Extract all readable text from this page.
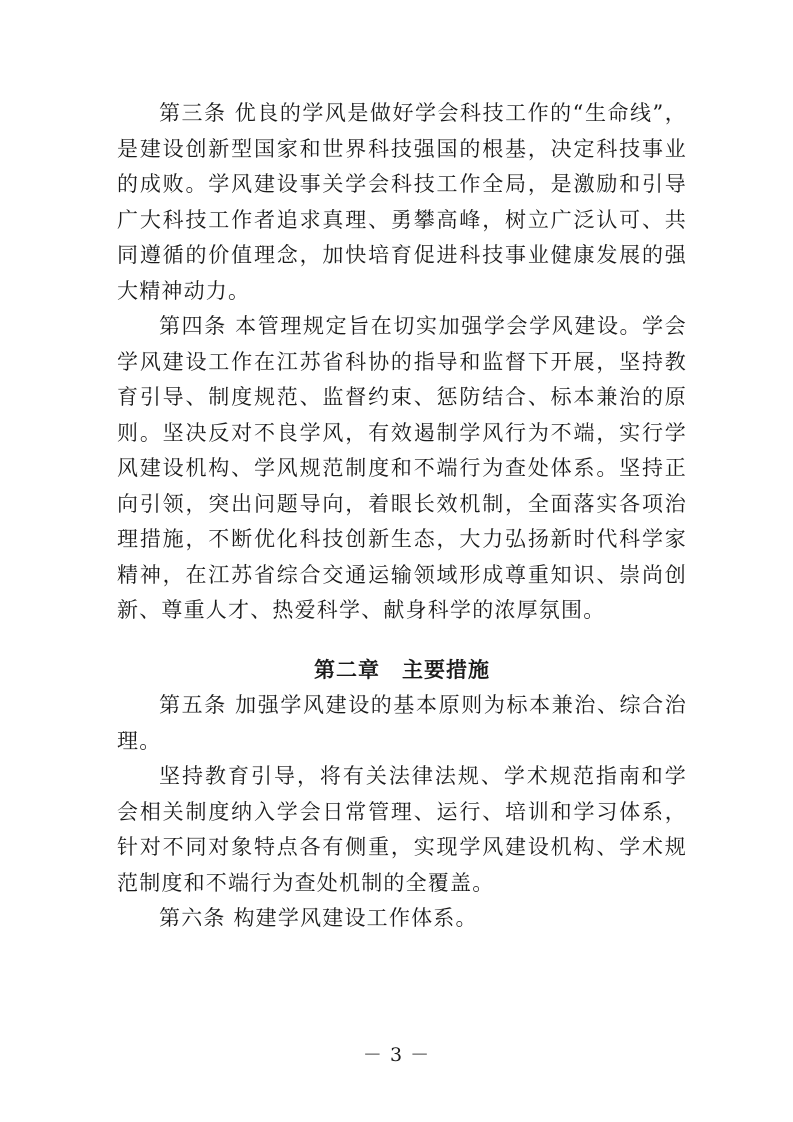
第三条 优良的学风是做好学会科技工作的“生命线”，是建设创新型国家和世界科技强国的根基，决定科技事业的成败。学风建设事关学会科技工作全局，是激励和引导广大科技工作者追求真理、勇攀高峰，树立广泛认可、共同遵循的价值理念，加快培育促进科技事业健康发展的强大精神动力。

第四条 本管理规定旨在切实加强学会学风建设。学会学风建设工作在江苏省科协的指导和监督下开展，坚持教育引导、制度规范、监督约束、惩防结合、标本兼治的原则。坚决反对不良学风，有效遏制学风行为不端，实行学风建设机构、学风规范制度和不端行为查处体系。坚持正向引领，突出问题导向，着眼长效机制，全面落实各项治理措施，不断优化科技创新生态，大力弘扬新时代科学家精神，在江苏省综合交通运输领域形成尊重知识、崇尚创新、尊重人才、热爱科学、献身科学的浓厚氛围。

第二章　主要措施

第五条 加强学风建设的基本原则为标本兼治、综合治理。

坚持教育引导，将有关法律法规、学术规范指南和学会相关制度纳入学会日常管理、运行、培训和学习体系，针对不同对象特点各有侧重，实现学风建设机构、学术规范制度和不端行为查处机制的全覆盖。

第六条 构建学风建设工作体系。

－ 3 －
